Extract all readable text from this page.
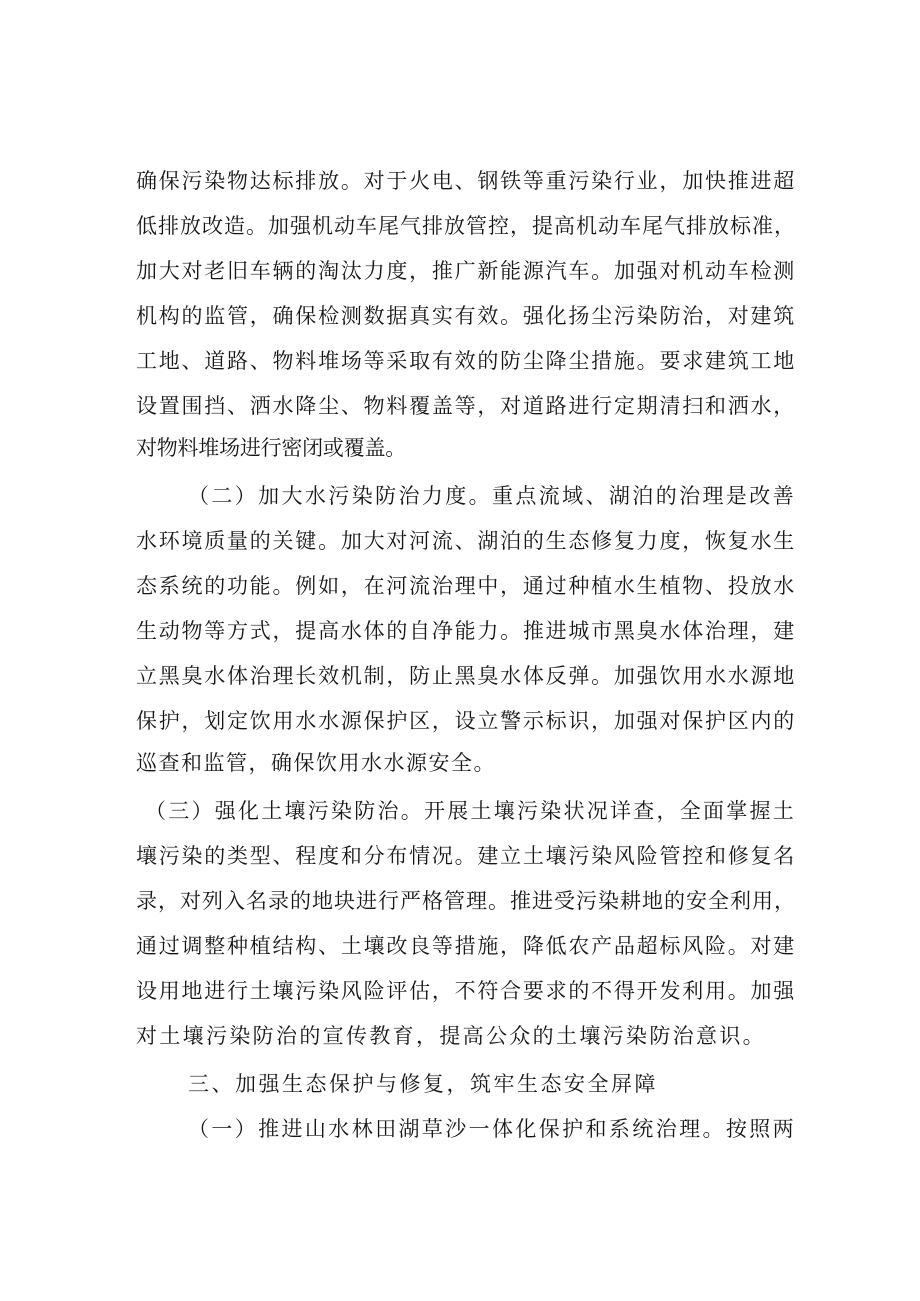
确保污染物达标排放。对于火电、钢铁等重污染行业，加快推进超
低排放改造。加强机动车尾气排放管控，提高机动车尾气排放标准，
加大对老旧车辆的淘汰力度，推广新能源汽车。加强对机动车检测
机构的监管，确保检测数据真实有效。强化扬尘污染防治，对建筑
工地、道路、物料堆场等采取有效的防尘降尘措施。要求建筑工地
设置围挡、洒水降尘、物料覆盖等，对道路进行定期清扫和洒水，
对物料堆场进行密闭或覆盖。
（二）加大水污染防治力度。重点流域、湖泊的治理是改善
水环境质量的关键。加大对河流、湖泊的生态修复力度，恢复水生
态系统的功能。例如，在河流治理中，通过种植水生植物、投放水
生动物等方式，提高水体的自净能力。推进城市黑臭水体治理，建
立黑臭水体治理长效机制，防止黑臭水体反弹。加强饮用水水源地
保护，划定饮用水水源保护区，设立警示标识，加强对保护区内的
巡查和监管，确保饮用水水源安全。
（三）强化土壤污染防治。开展土壤污染状况详查，全面掌握土
壤污染的类型、程度和分布情况。建立土壤污染风险管控和修复名
录，对列入名录的地块进行严格管理。推进受污染耕地的安全利用，
通过调整种植结构、土壤改良等措施，降低农产品超标风险。对建
设用地进行土壤污染风险评估，不符合要求的不得开发利用。加强
对土壤污染防治的宣传教育，提高公众的土壤污染防治意识。
三、加强生态保护与修复，筑牢生态安全屏障
（一）推进山水林田湖草沙一体化保护和系统治理。按照两
